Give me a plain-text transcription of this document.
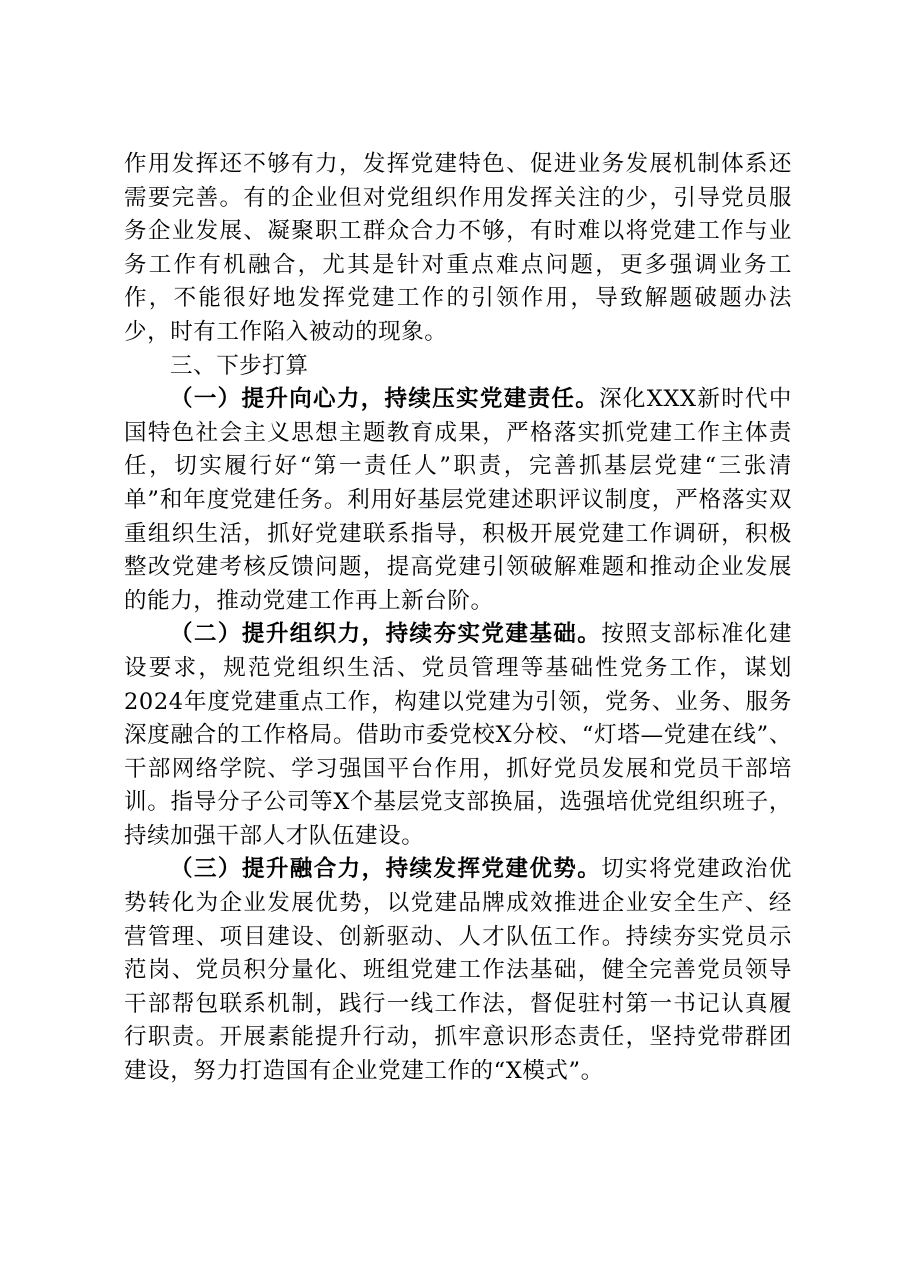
作用发挥还不够有力，发挥党建特色、促进业务发展机制体系还需要完善。有的企业但对党组织作用发挥关注的少，引导党员服务企业发展、凝聚职工群众合力不够，有时难以将党建工作与业务工作有机融合，尤其是针对重点难点问题，更多强调业务工作，不能很好地发挥党建工作的引领作用，导致解题破题办法少，时有工作陷入被动的现象。

三、下步打算

（一）提升向心力，持续压实党建责任。深化XXX新时代中国特色社会主义思想主题教育成果，严格落实抓党建工作主体责任，切实履行好“第一责任人”职责，完善抓基层党建“三张清单”和年度党建任务。利用好基层党建述职评议制度，严格落实双重组织生活，抓好党建联系指导，积极开展党建工作调研，积极整改党建考核反馈问题，提高党建引领破解难题和推动企业发展的能力，推动党建工作再上新台阶。

（二）提升组织力，持续夯实党建基础。按照支部标准化建设要求，规范党组织生活、党员管理等基础性党务工作，谋划2024年度党建重点工作，构建以党建为引领，党务、业务、服务深度融合的工作格局。借助市委党校X分校、“灯塔—党建在线”、干部网络学院、学习强国平台作用，抓好党员发展和党员干部培训。指导分子公司等X个基层党支部换届，选强培优党组织班子，持续加强干部人才队伍建设。

（三）提升融合力，持续发挥党建优势。切实将党建政治优势转化为企业发展优势，以党建品牌成效推进企业安全生产、经营管理、项目建设、创新驱动、人才队伍工作。持续夯实党员示范岗、党员积分量化、班组党建工作法基础，健全完善党员领导干部帮包联系机制，践行一线工作法，督促驻村第一书记认真履行职责。开展素能提升行动，抓牢意识形态责任，坚持党带群团建设，努力打造国有企业党建工作的“X模式”。
